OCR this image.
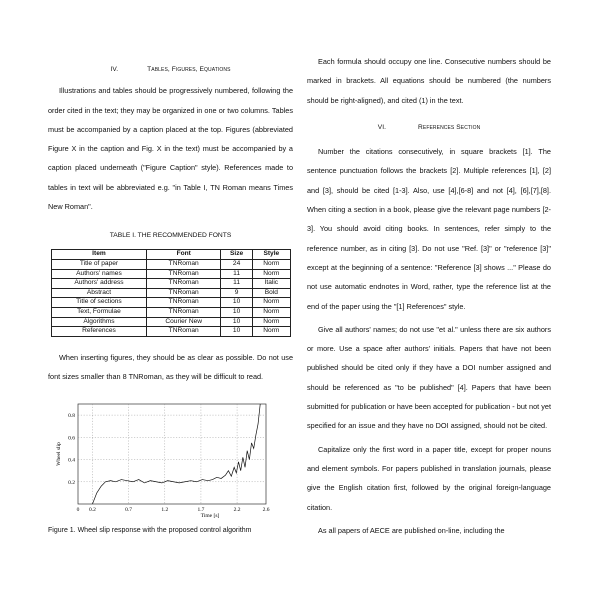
IV.	Tables, Figures, Equations

Illustrations and tables should be progressively numbered, following the order cited in the text; they may be organized in one or two columns. Tables must be accompanied by a caption placed at the top. Figures (abbreviated Figure X in the caption and Fig. X in the text) must be accompanied by a caption placed underneath ("Figure Caption" style). References made to tables in text will be abbreviated e.g. "in Table I, TN Roman means Times New Roman".

TABLE I. THE RECOMMENDED FONTS
Item	Font	Size	Style
Title of paper	TNRoman	24	Norm
Authors' names	TNRoman	11	Norm
Authors' address	TNRoman	11	Italic
Abstract	TNRoman	9	Bold
Title of sections	TNRoman	10	Norm
Text, Formulae	TNRoman	10	Norm
Algorithms	Courier New	10	Norm
References	TNRoman	10	Norm

When inserting figures, they should be as clear as possible. Do not use font sizes smaller than 8 TNRoman, as they will be difficult to read.

0 0.2	0.7	1.2	1.7	2.2	2.6
0.2
0.4
0.6
0.8
Wheel slip
Time [s]
Figure 1. Wheel slip response with the proposed control algorithm

Each formula should occupy one line. Consecutive numbers should be marked in brackets. All equations should be numbered (the numbers should be right-aligned), and cited (1) in the text.

VI.	References Section

Number the citations consecutively, in square brackets [1]. The sentence punctuation follows the brackets [2]. Multiple references [1], [2] and [3], should be cited [1-3]. Also, use [4],[6-8] and not [4], [6],[7],[8]. When citing a section in a book, please give the relevant page numbers [2-3]. You should avoid citing books. In sentences, refer simply to the reference number, as in citing [3]. Do not use "Ref. [3]" or "reference [3]" except at the beginning of a sentence: "Reference [3] shows ..." Please do not use automatic endnotes in Word, rather, type the reference list at the end of the paper using the "[1] References" style.

Give all authors' names; do not use "et al." unless there are six authors or more. Use a space after authors' initials. Papers that have not been published should be cited only if they have a DOI number assigned and should be referenced as "to be published" [4]. Papers that have been submitted for publication or have been accepted for publication - but not yet specified for an issue and they have no DOI assigned, should not be cited.

Capitalize only the first word in a paper title, except for proper nouns and element symbols. For papers published in translation journals, please give the English citation first, followed by the original foreign-language citation.

As all papers of AECE are published on-line, including the
